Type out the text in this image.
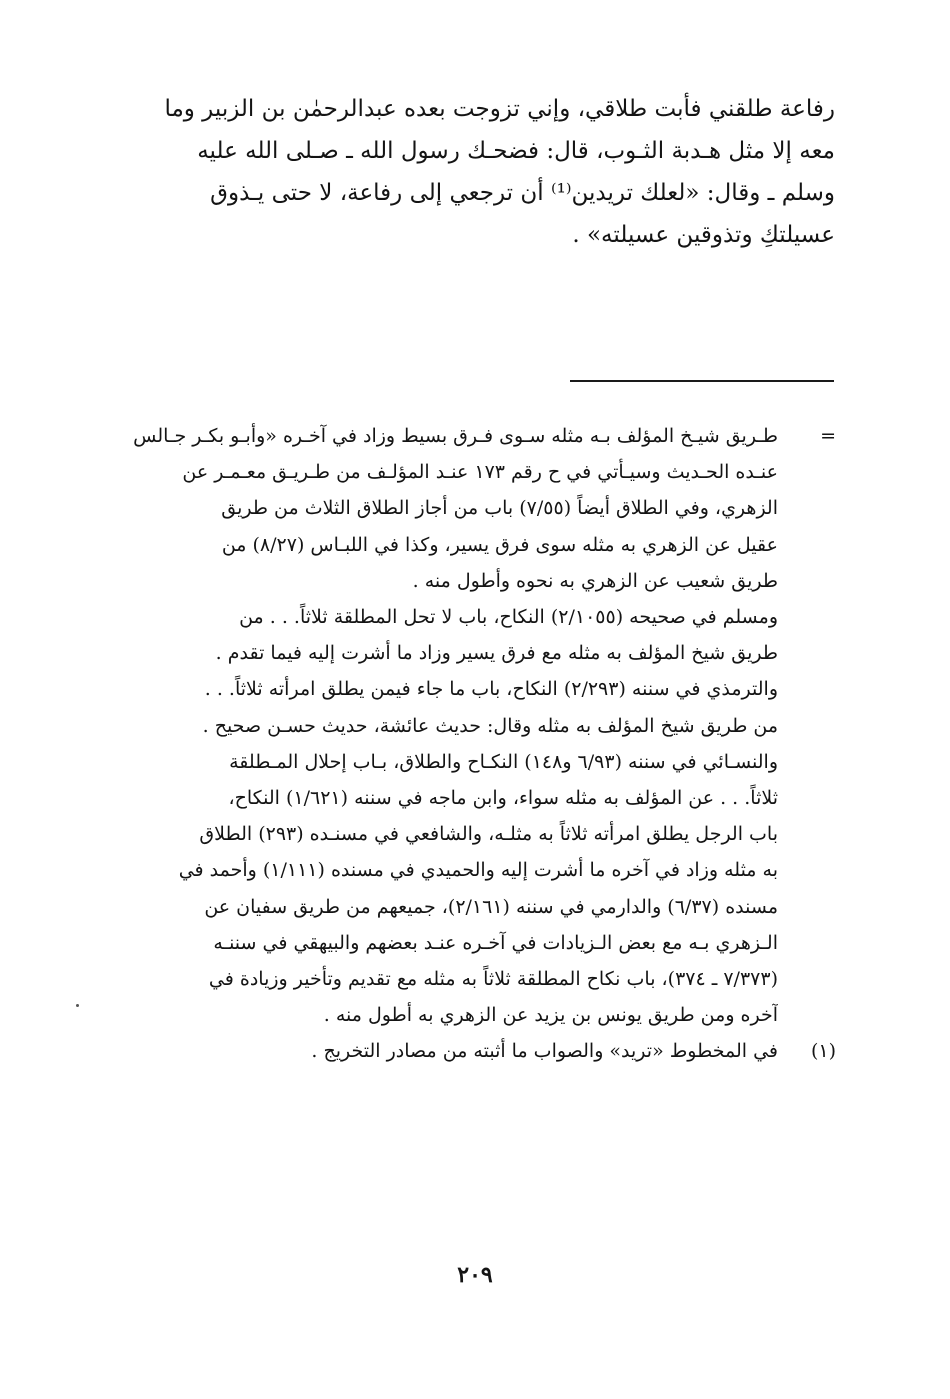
رفاعة طلقني فأبت طلاقي، وإني تزوجت بعده عبدالرحمٰن بن الزبير وما
معه إلا مثل هـدبة الثـوب، قال: فضحـك رسول الله ـ صـلى الله عليه
وسلم ـ وقال: «لعلك تريدين⁽¹⁾ أن ترجعي إلى رفاعة، لا حتى يـذوق
عسيلتكِ وتذوقين عسيلته» .
=
طـريق شيـخ المؤلف بـه مثله سـوى فـرق بسيط وزاد في آخـره «وأبـو بكـر جـالس
عنـده الحـديث وسيـأتي في ح رقم ١٧٣ عنـد المؤلـف من طـريـق معـمـر عن
الزهري، وفي الطلاق أيضاً (٧/٥٥) باب من أجاز الطلاق الثلاث من طريق
عقيل عن الزهري به مثله سوى فرق يسير، وكذا في اللبـاس (٨/٢٧) من
طريق شعيب عن الزهري به نحوه وأطول منه .
ومسلم في صحيحه (٢/١٠٥٥) النكاح، باب لا تحل المطلقة ثلاثاً. . . من
طريق شيخ المؤلف به مثله مع فرق يسير وزاد ما أشرت إليه فيما تقدم .
والترمذي في سننه (٢/٢٩٣) النكاح، باب ما جاء فيمن يطلق امرأته ثلاثاً. . .
من طريق شيخ المؤلف به مثله وقال: حديث عائشة، حديث حسـن صحيح .
والنسـائي في سننه (٦/٩٣ و١٤٨) النكـاح والطلاق، بـاب إحلال المـطلقة
ثلاثاً. . . عن المؤلف به مثله سواء، وابن ماجه في سننه (١/٦٢١) النكاح،
باب الرجل يطلق امرأته ثلاثاً به مثلـه، والشافعي في مسنـده (٢٩٣) الطلاق
به مثله وزاد في آخره ما أشرت إليه والحميدي في مسنده (١/١١١) وأحمد في
مسنده (٦/٣٧) والدارمي في سننه (٢/١٦١)، جميعهم من طريق سفيان عن
الـزهري بـه مع بعض الـزيادات في آخـره عنـد بعضهم والبيهقي في سننـه
(٧/٣٧٣ ـ ٣٧٤)، باب نكاح المطلقة ثلاثاً به مثله مع تقديم وتأخير وزيادة في
آخره ومن طريق يونس بن يزيد عن الزهري به أطول منه .
(١)
في المخطوط «تريد» والصواب ما أثبته من مصادر التخريج .
٢٠٩
